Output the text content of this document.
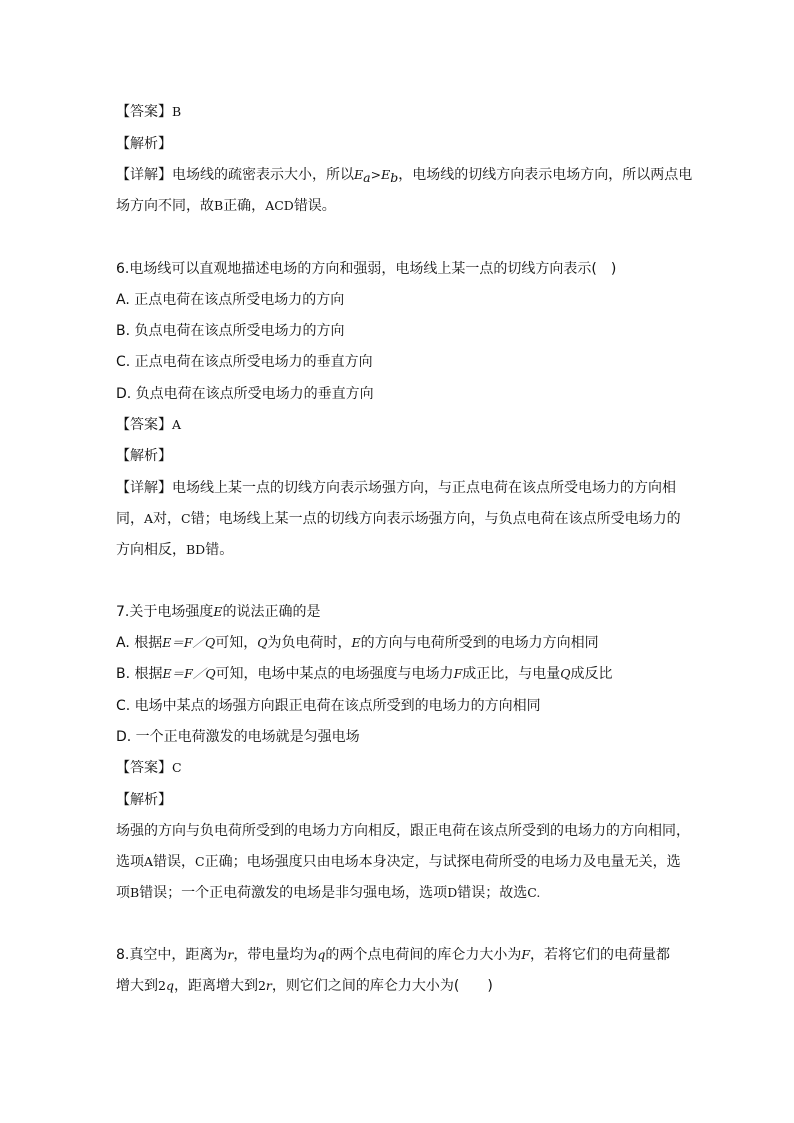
【答案】B
【解析】
【详解】电场线的疏密表示大小，所以$E_a>E_b$，电场线的切线方向表示电场方向，所以两点电
场方向不同，故B正确，ACD错误。
6.电场线可以直观地描述电场的方向和强弱，电场线上某一点的切线方向表示(　)
A. 正点电荷在该点所受电场力的方向
B. 负点电荷在该点所受电场力的方向
C. 正点电荷在该点所受电场力的垂直方向
D. 负点电荷在该点所受电场力的垂直方向
【答案】A
【解析】
【详解】电场线上某一点的切线方向表示场强方向，与正点电荷在该点所受电场力的方向相
同，A对，C错；电场线上某一点的切线方向表示场强方向，与负点电荷在该点所受电场力的
方向相反，BD错。
7.关于电场强度E的说法正确的是
A. 根据E＝F／Q可知，Q为负电荷时，E的方向与电荷所受到的电场力方向相同
B. 根据E＝F／Q可知，电场中某点的电场强度与电场力F成正比，与电量Q成反比
C. 电场中某点的场强方向跟正电荷在该点所受到的电场力的方向相同
D. 一个正电荷激发的电场就是匀强电场
【答案】C
【解析】
场强的方向与负电荷所受到的电场力方向相反，跟正电荷在该点所受到的电场力的方向相同，
选项A错误，C正确；电场强度只由电场本身决定，与试探电荷所受的电场力及电量无关，选
项B错误；一个正电荷激发的电场是非匀强电场，选项D错误；故选C.
8.真空中，距离为r，带电量均为q的两个点电荷间的库仑力大小为F，若将它们的电荷量都
增大到2q，距离增大到2r，则它们之间的库仑力大小为(　　)
